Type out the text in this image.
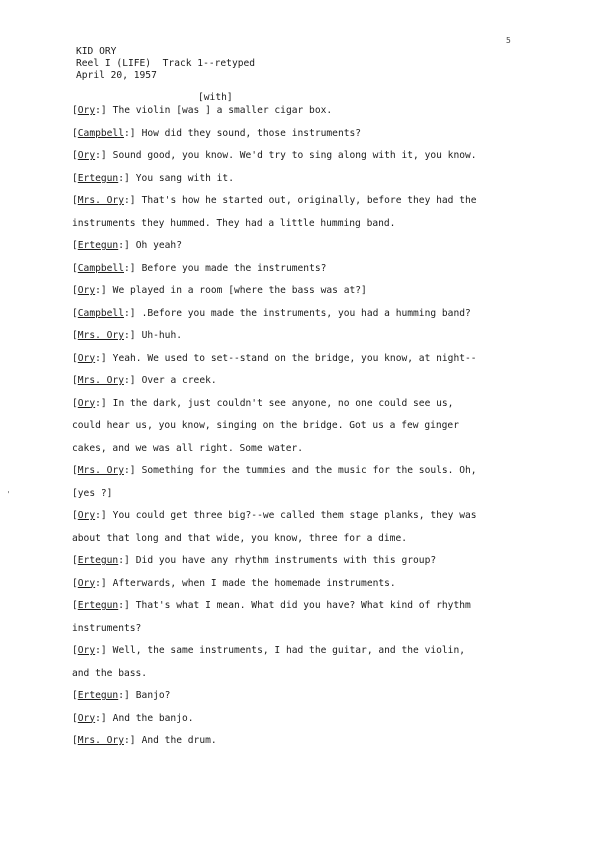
5
KID ORY
Reel I (LIFE)  Track 1--retyped
April 20, 1957
[with]
[Ory:] The violin [was ] a smaller cigar box.
[Campbell:] How did they sound, those instruments?
[Ory:] Sound good, you know. We'd try to sing along with it, you know.
[Ertegun:] You sang with it.
[Mrs. Ory:] That's how he started out, originally, before they had the
instruments they hummed. They had a little humming band.
[Ertegun:] Oh yeah?
[Campbell:] Before you made the instruments?
[Ory:] We played in a room [where the bass was at?]
[Campbell:] .Before you made the instruments, you had a humming band?
[Mrs. Ory:] Uh-huh.
[Ory:] Yeah. We used to set--stand on the bridge, you know, at night--
[Mrs. Ory:] Over a creek.
[Ory:] In the dark, just couldn't see anyone, no one could see us,
could hear us, you know, singing on the bridge. Got us a few ginger
cakes, and we was all right. Some water.
[Mrs. Ory:] Something for the tummies and the music for the souls. Oh,
[yes ?]
[Ory:] You could get three big?--we called them stage planks, they was
about that long and that wide, you know, three for a dime.
[Ertegun:] Did you have any rhythm instruments with this group?
[Ory:] Afterwards, when I made the homemade instruments.
[Ertegun:] That's what I mean. What did you have? What kind of rhythm
instruments?
[Ory:] Well, the same instruments, I had the guitar, and the violin,
and the bass.
[Ertegun:] Banjo?
[Ory:] And the banjo.
[Mrs. Ory:] And the drum.
'
